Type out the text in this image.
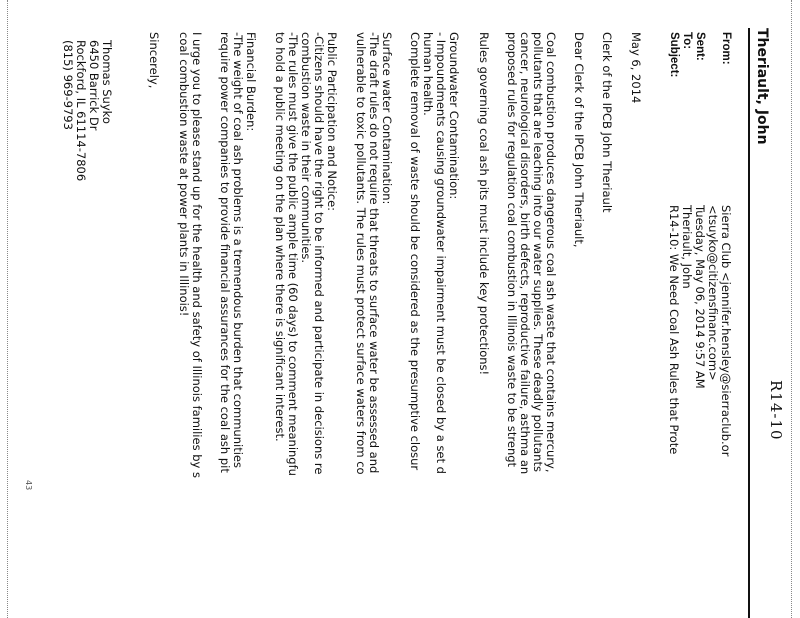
R14-10
Theriault, John
From:
Sierra Club <jennifer.hensley@sierraclub.or
<tsuyko@citizensfinanc.com>
Sent:
Tuesday, May 06, 2014 9:57 AM
To:
Theriault, John
Subject:
R14-10: We Need Coal Ash Rules that Prote
May 6, 2014
Clerk of the IPCB John Theriault
Dear Clerk of the IPCB John Theriault,
Coal combustion produces dangerous coal ash waste that contains mercury,
pollutants that are leaching into our water supplies. These deadly pollutants
cancer, neurological disorders, birth defects, reproductive failure, asthma an
proposed rules for regulation coal combustion in Illinois waste to be strengt
Rules governing coal ash pits must include key protections!
Groundwater Contamination:
- Impoundments causing groundwater impairment must be closed by a set d
human health.
Complete removal of waste should be considered as the presumptive closur
Surface water Contamination:
-The draft rules do not require that threats to surface water be assessed and
vulnerable to toxic pollutants. The rules must protect surface waters from co
Public Participation and Notice:
-Citizens should have the right to be informed and participate in decisions re
combustion waste in their communities.
-The rules must give the public ample time (60 days) to comment meaningfu
to hold a public meeting on the plan where there is significant interest.
Financial Burden:
-The weight of coal ash problems is a tremendous burden that communities
require power companies to provide financial assurances for the coal ash pit
I urge you to please stand up for the health and safety of Illinois families by s
coal combustion waste at power plants in Illinois!
Sincerely,
Thomas Suyko
6450 Barrick Dr
Rockford, IL 61114-7806
(815) 969-9793
43
